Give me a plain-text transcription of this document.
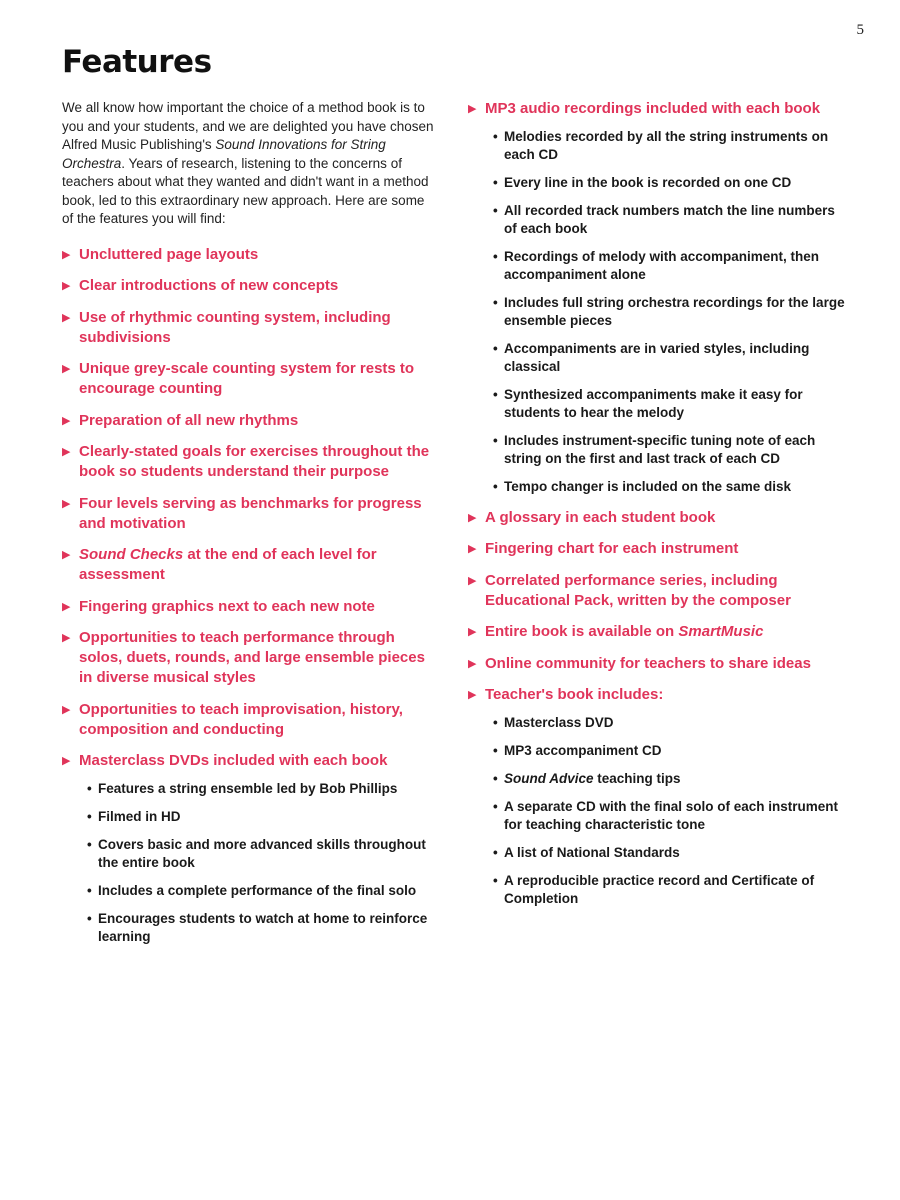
5
Features

We all know how important the choice of a method book is to you and your students, and we are delighted you have chosen Alfred Music Publishing's Sound Innovations for String Orchestra. Years of research, listening to the concerns of teachers about what they wanted and didn't want in a method book, led to this extraordinary new approach. Here are some of the features you will find:

▶ Uncluttered page layouts
▶ Clear introductions of new concepts
▶ Use of rhythmic counting system, including subdivisions
▶ Unique grey-scale counting system for rests to encourage counting
▶ Preparation of all new rhythms
▶ Clearly-stated goals for exercises throughout the book so students understand their purpose
▶ Four levels serving as benchmarks for progress and motivation
▶ Sound Checks at the end of each level for assessment
▶ Fingering graphics next to each new note
▶ Opportunities to teach performance through solos, duets, rounds, and large ensemble pieces in diverse musical styles
▶ Opportunities to teach improvisation, history, composition and conducting
▶ Masterclass DVDs included with each book
• Features a string ensemble led by Bob Phillips
• Filmed in HD
• Covers basic and more advanced skills throughout the entire book
• Includes a complete performance of the final solo
• Encourages students to watch at home to reinforce learning
▶ MP3 audio recordings included with each book
• Melodies recorded by all the string instruments on each CD
• Every line in the book is recorded on one CD
• All recorded track numbers match the line numbers of each book
• Recordings of melody with accompaniment, then accompaniment alone
• Includes full string orchestra recordings for the large ensemble pieces
• Accompaniments are in varied styles, including classical
• Synthesized accompaniments make it easy for students to hear the melody
• Includes instrument-specific tuning note of each string on the first and last track of each CD
• Tempo changer is included on the same disk
▶ A glossary in each student book
▶ Fingering chart for each instrument
▶ Correlated performance series, including Educational Pack, written by the composer
▶ Entire book is available on SmartMusic
▶ Online community for teachers to share ideas
▶ Teacher's book includes:
• Masterclass DVD
• MP3 accompaniment CD
• Sound Advice teaching tips
• A separate CD with the final solo of each instrument for teaching characteristic tone
• A list of National Standards
• A reproducible practice record and Certificate of Completion
